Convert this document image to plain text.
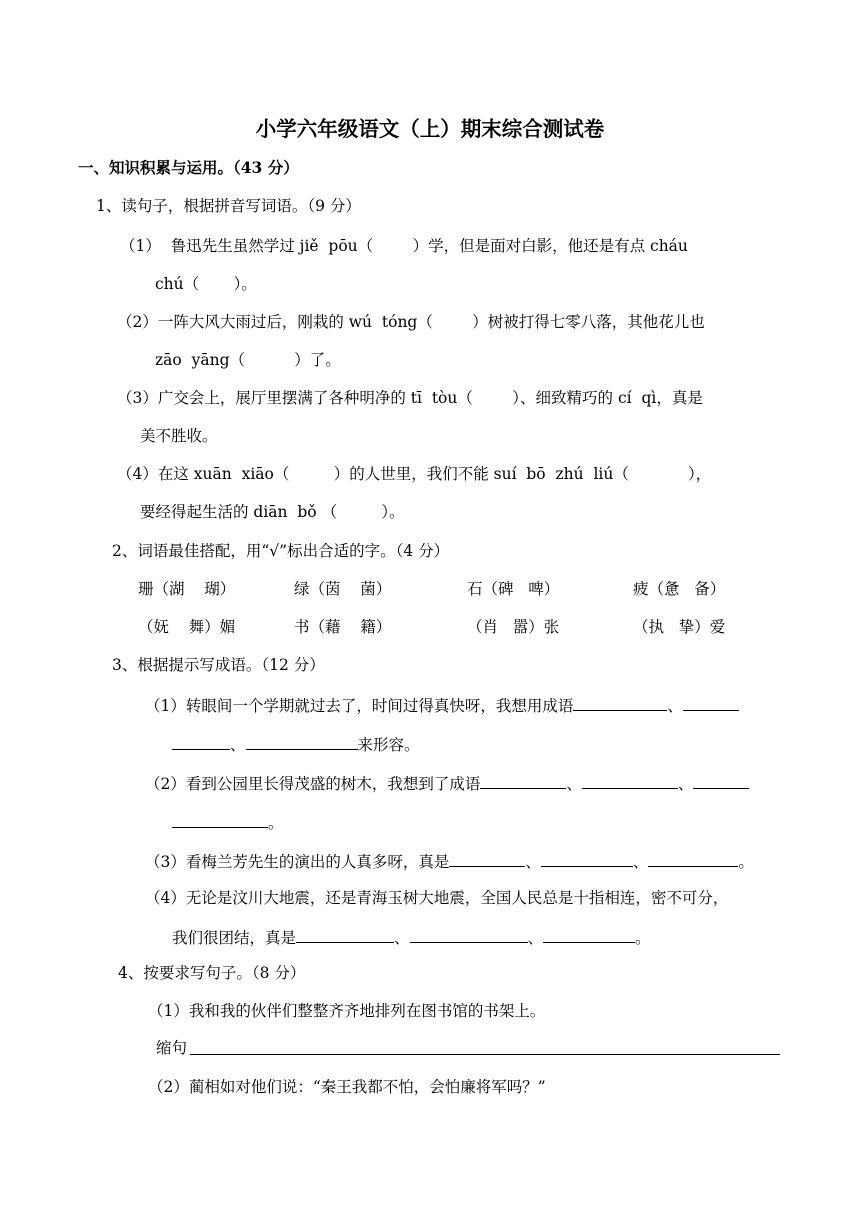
小学六年级语文（上）期末综合测试卷
一、知识积累与运用。（43 分）
1、读句子，根据拼音写词语。（9 分）
（1）  鲁迅先生虽然学过 jiě  pōu（        ）学，但是面对白影，他还是有点 cháu
chú（       ）。
（2）一阵大风大雨过后，刚栽的 wú  tóng（        ）树被打得七零八落，其他花儿也
zāo  yāng（          ）了。
（3）广交会上，展厅里摆满了各种明净的 tī  tòu（        ）、细致精巧的 cí  qì，真是
美不胜收。
（4）在这 xuān  xiāo（         ）的人世里，我们不能 suí  bō  zhú  liú（            ），
要经得起生活的 diān  bǒ （         ）。
2、词语最佳搭配，用“√”标出合适的字。（4 分）
珊（湖    瑚）	绿（茵    菌）	石（碑   啤）	疲（惫   备）
（妩    舞）媚	书（藉    籍）	（肖   嚣）张	（执   挚）爱
3、根据提示写成语。（12 分）
（1）转眼间一个学期就过去了，时间过得真快呀，我想用成语	、
、	来形容。
（2）看到公园里长得茂盛的树木，我想到了成语	、	、
。
（3）看梅兰芳先生的演出的人真多呀，真是	、	、	。
（4）无论是汶川大地震，还是青海玉树大地震，全国人民总是十指相连，密不可分，
我们很团结，真是	、	、	。
4、按要求写句子。（8 分）
（1）我和我的伙伴们整整齐齐地排列在图书馆的书架上。
缩句
（2）蔺相如对他们说：“秦王我都不怕，会怕廉将军吗？”
